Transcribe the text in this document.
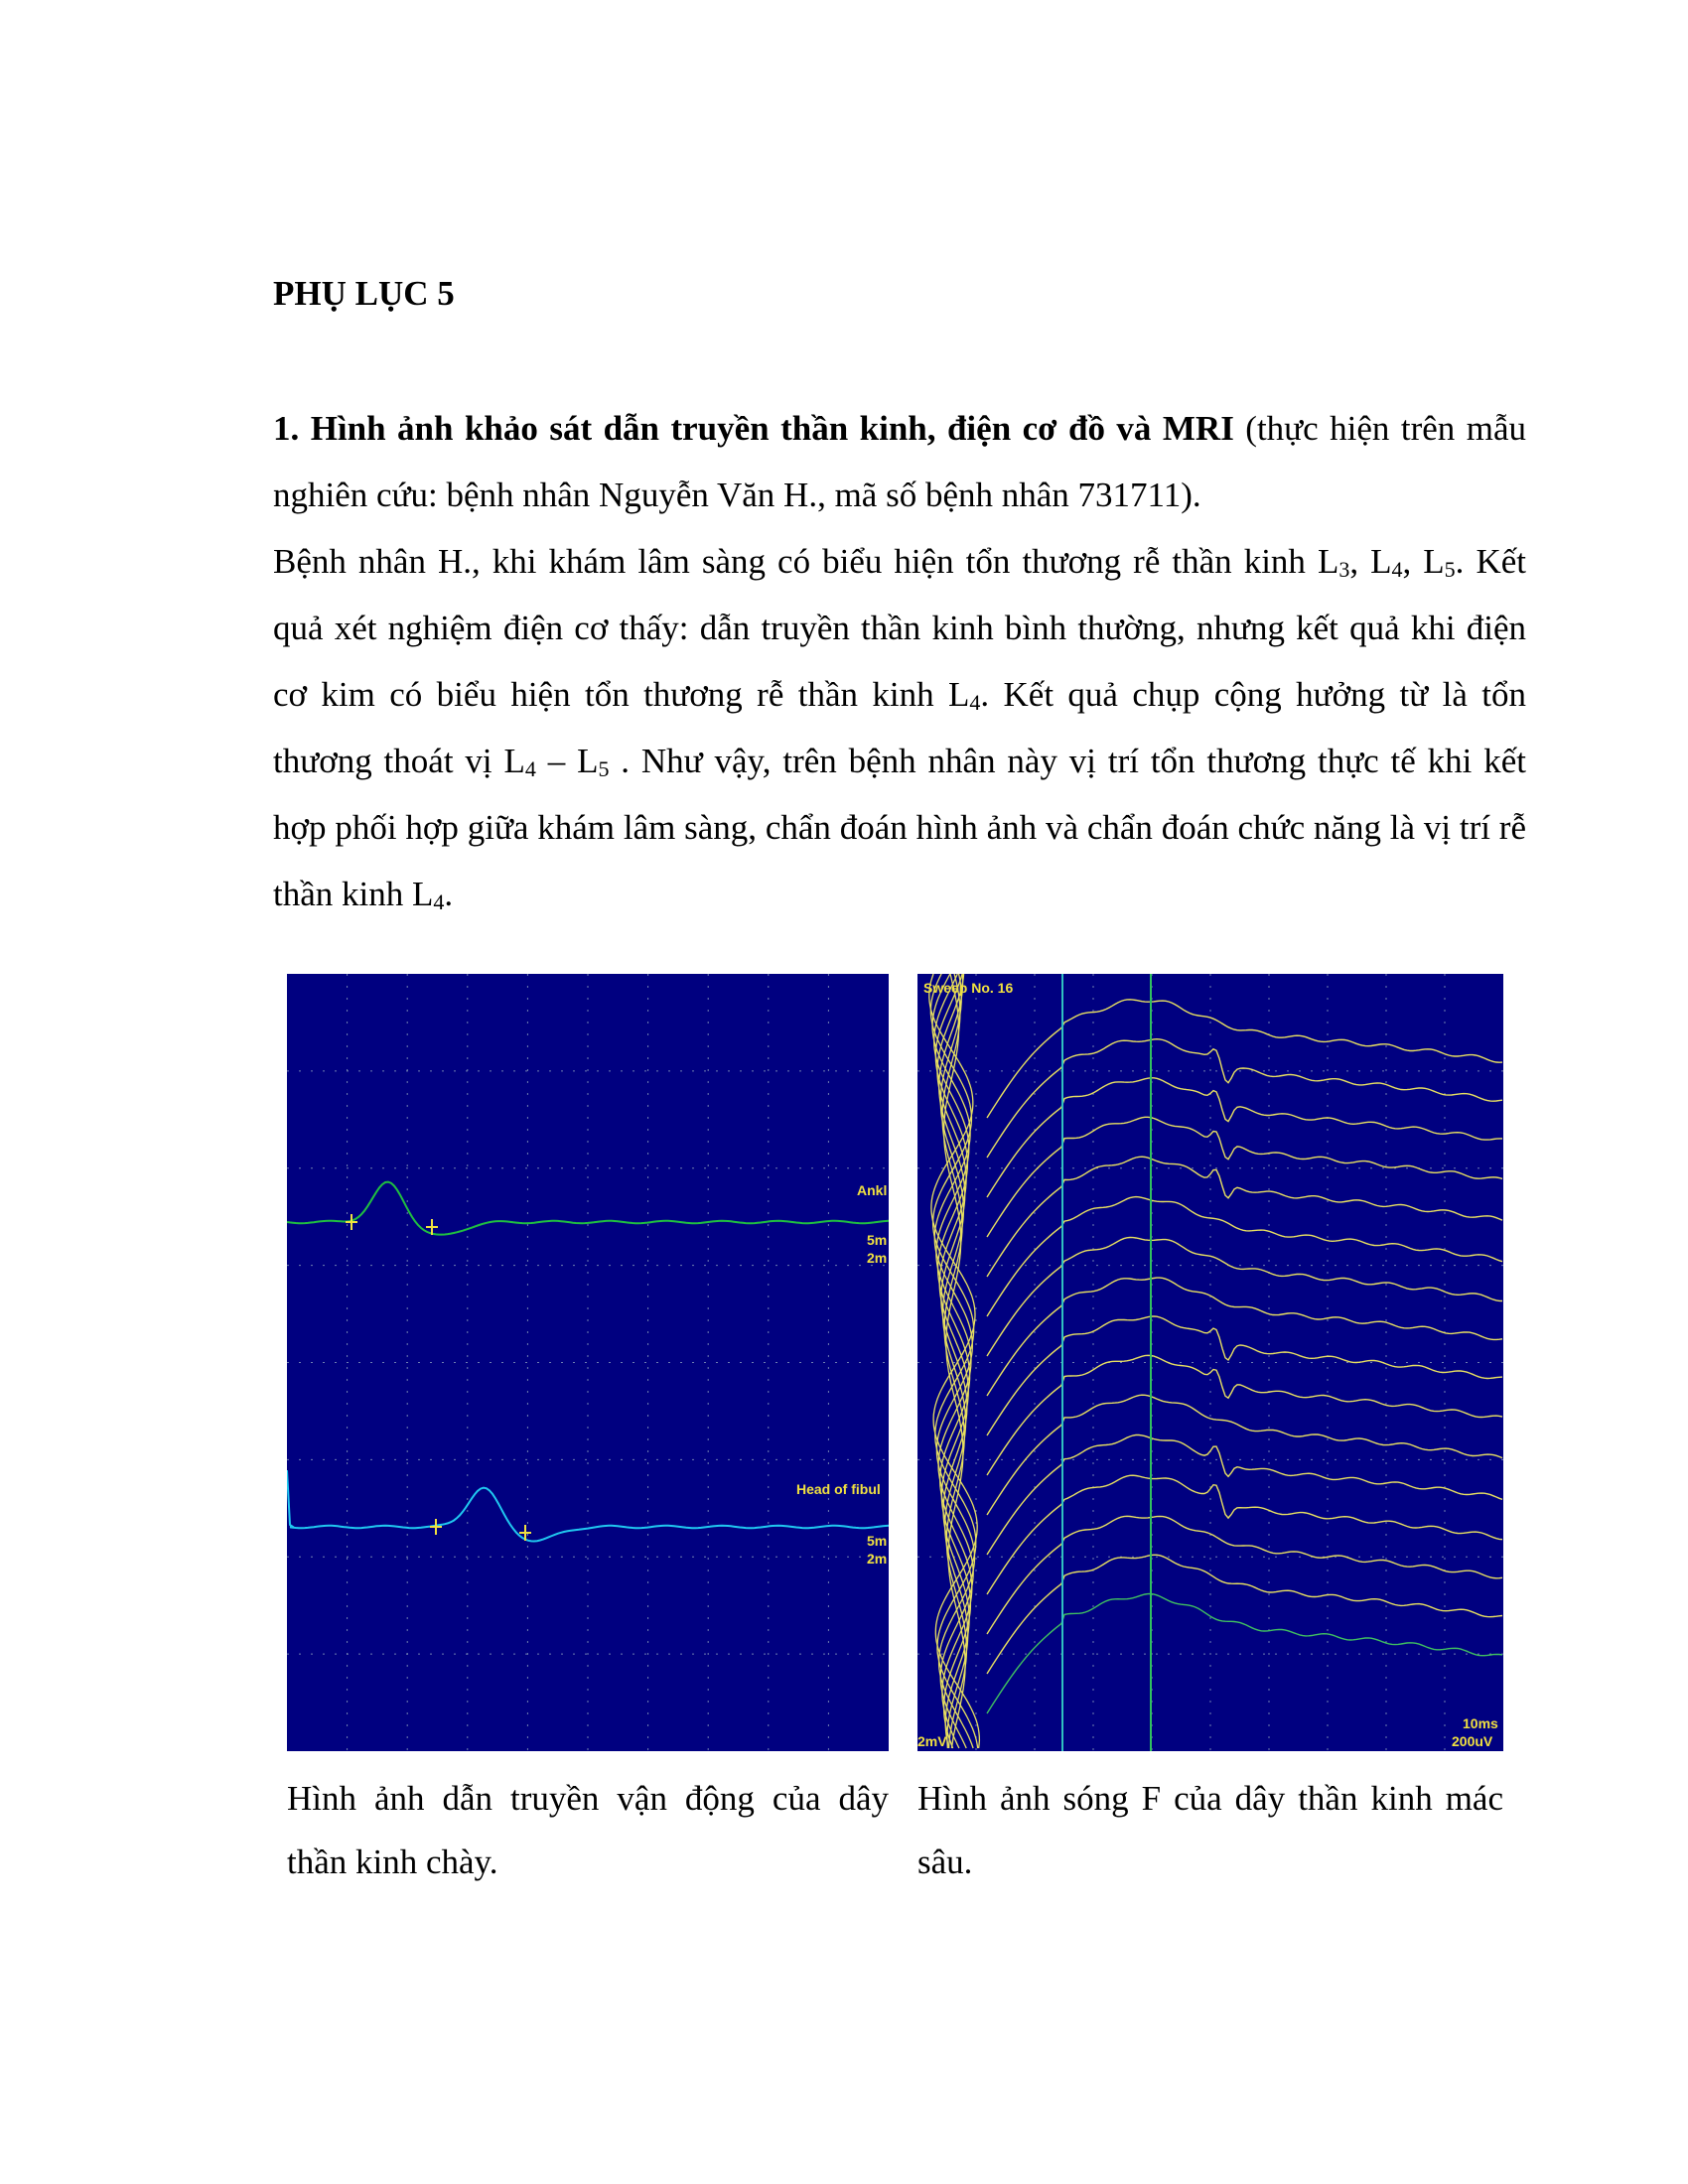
PHỤ LỤC 5

1. Hình ảnh khảo sát dẫn truyền thần kinh, điện cơ đồ và MRI (thực hiện trên mẫu nghiên cứu: bệnh nhân Nguyễn Văn H., mã số bệnh nhân 731711).

Bệnh nhân H., khi khám lâm sàng có biểu hiện tổn thương rễ thần kinh $L_3$, $L_4$, $L_5$. Kết quả xét nghiệm điện cơ thấy: dẫn truyền thần kinh bình thường, nhưng kết quả khi điện cơ kim có biểu hiện tổn thương rễ thần kinh $L_4$. Kết quả chụp cộng hưởng từ là tổn thương thoát vị $L_4 - L_5$ . Như vậy, trên bệnh nhân này vị trí tổn thương thực tế khi kết hợp phối hợp giữa khám lâm sàng, chẩn đoán hình ảnh và chẩn đoán chức năng là vị trí rễ thần kinh $L_4$.

Ankl
5m
2m
Head of fibul
5m
2m
Sweep No. 16
2mV
10ms
200uV

Hình ảnh dẫn truyền vận động của dây thần kinh chày.

Hình ảnh sóng F của dây thần kinh mác sâu.
